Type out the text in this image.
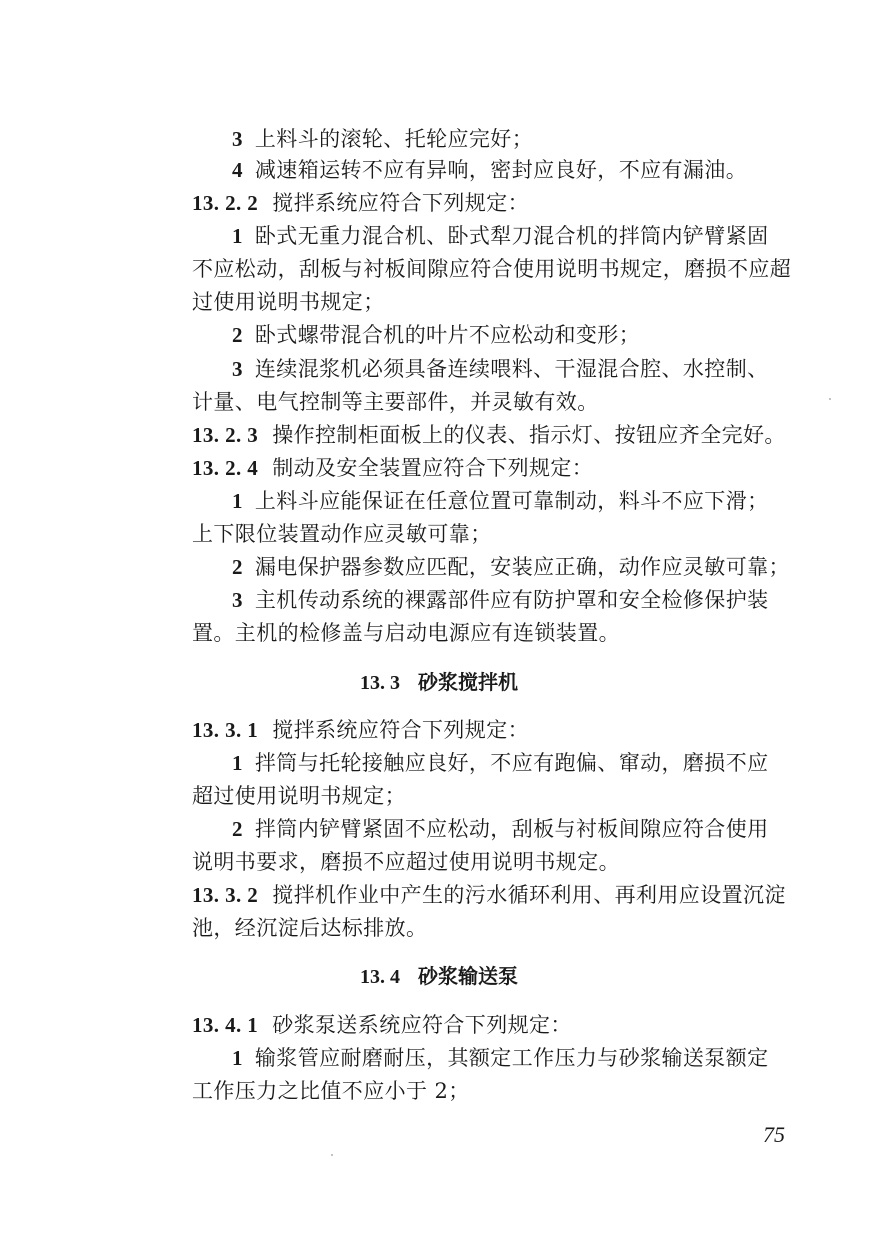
3 上料斗的滚轮、托轮应完好；
4 减速箱运转不应有异响，密封应良好，不应有漏油。
13. 2. 2 搅拌系统应符合下列规定：
1 卧式无重力混合机、卧式犁刀混合机的拌筒内铲臂紧固
不应松动，刮板与衬板间隙应符合使用说明书规定，磨损不应超
过使用说明书规定；
2 卧式螺带混合机的叶片不应松动和变形；
3 连续混浆机必须具备连续喂料、干湿混合腔、水控制、
计量、电气控制等主要部件，并灵敏有效。
13. 2. 3 操作控制柜面板上的仪表、指示灯、按钮应齐全完好。
13. 2. 4 制动及安全装置应符合下列规定：
1 上料斗应能保证在任意位置可靠制动，料斗不应下滑；
上下限位装置动作应灵敏可靠；
2 漏电保护器参数应匹配，安装应正确，动作应灵敏可靠；
3 主机传动系统的裸露部件应有防护罩和安全检修保护装
置。主机的检修盖与启动电源应有连锁装置。
13. 3 砂浆搅拌机
13. 3. 1 搅拌系统应符合下列规定：
1 拌筒与托轮接触应良好，不应有跑偏、窜动，磨损不应
超过使用说明书规定；
2 拌筒内铲臂紧固不应松动，刮板与衬板间隙应符合使用
说明书要求，磨损不应超过使用说明书规定。
13. 3. 2 搅拌机作业中产生的污水循环利用、再利用应设置沉淀
池，经沉淀后达标排放。
13. 4 砂浆输送泵
13. 4. 1 砂浆泵送系统应符合下列规定：
1 输浆管应耐磨耐压，其额定工作压力与砂浆输送泵额定
工作压力之比值不应小于 2；
75
